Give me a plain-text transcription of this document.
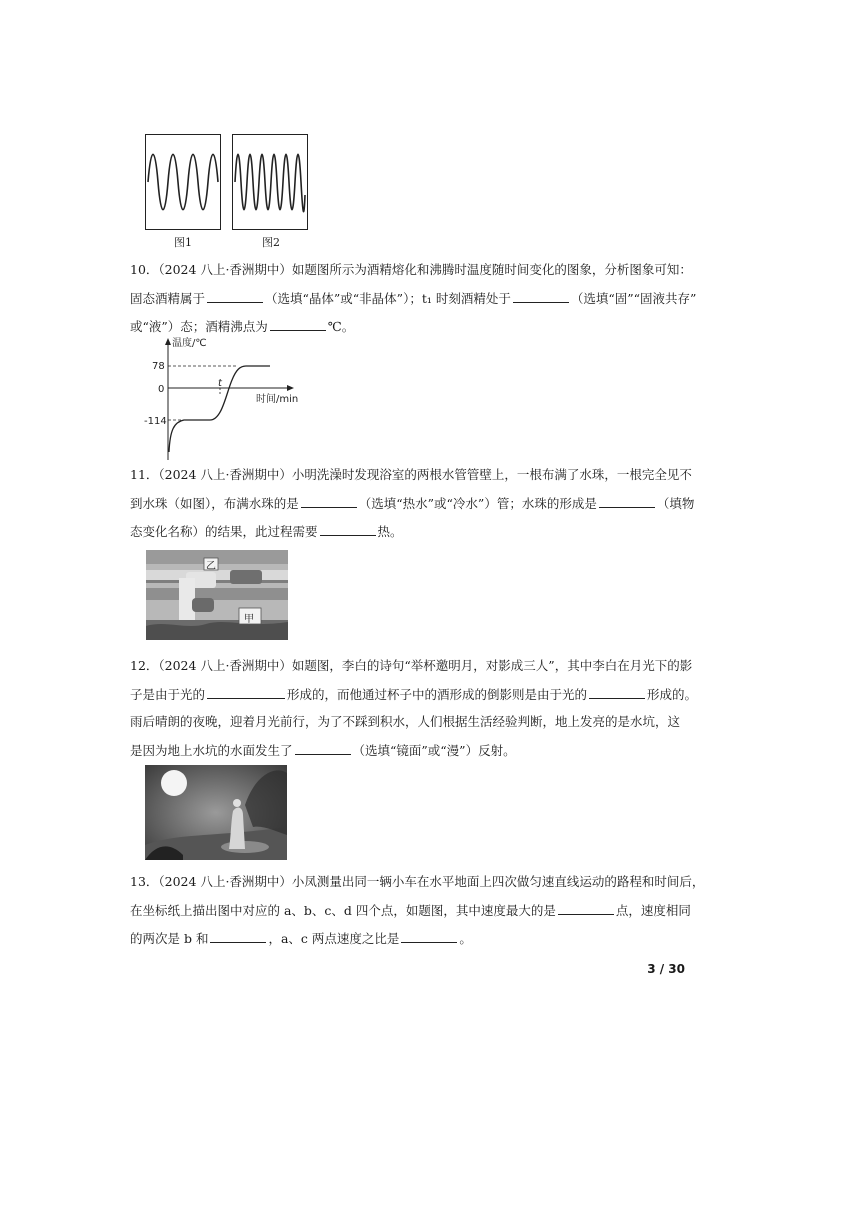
图1	图2
10．（2024 八上·香洲期中）如题图所示为酒精熔化和沸腾时温度随时间变化的图象，分析图象可知：
固态酒精属于	（选填“晶体”或“非晶体”）；t₁ 时刻酒精处于	（选填“固”“固液共存”
或“液”）态；酒精沸点为	℃。
温度/℃
时间/min
78
0
-114
t
11．（2024 八上·香洲期中）小明洗澡时发现浴室的两根水管管壁上，一根布满了水珠，一根完全见不
到水珠（如图），布满水珠的是	（选填“热水”或“冷水”）管；水珠的形成是	（填物
态变化名称）的结果，此过程需要	热。
乙
甲
12．（2024 八上·香洲期中）如题图，李白的诗句“举杯邀明月，对影成三人”，其中李白在月光下的影
子是由于光的	形成的，而他通过杯子中的酒形成的倒影则是由于光的	形成的。
雨后晴朗的夜晚，迎着月光前行，为了不踩到积水，人们根据生活经验判断，地上发亮的是水坑，这
是因为地上水坑的水面发生了	（选填“镜面”或“漫”）反射。
13．（2024 八上·香洲期中）小凤测量出同一辆小车在水平地面上四次做匀速直线运动的路程和时间后，
在坐标纸上描出图中对应的 a、b、c、d 四个点，如题图，其中速度最大的是	点，速度相同
的两次是 b 和	，a、c 两点速度之比是	。
3 / 30
